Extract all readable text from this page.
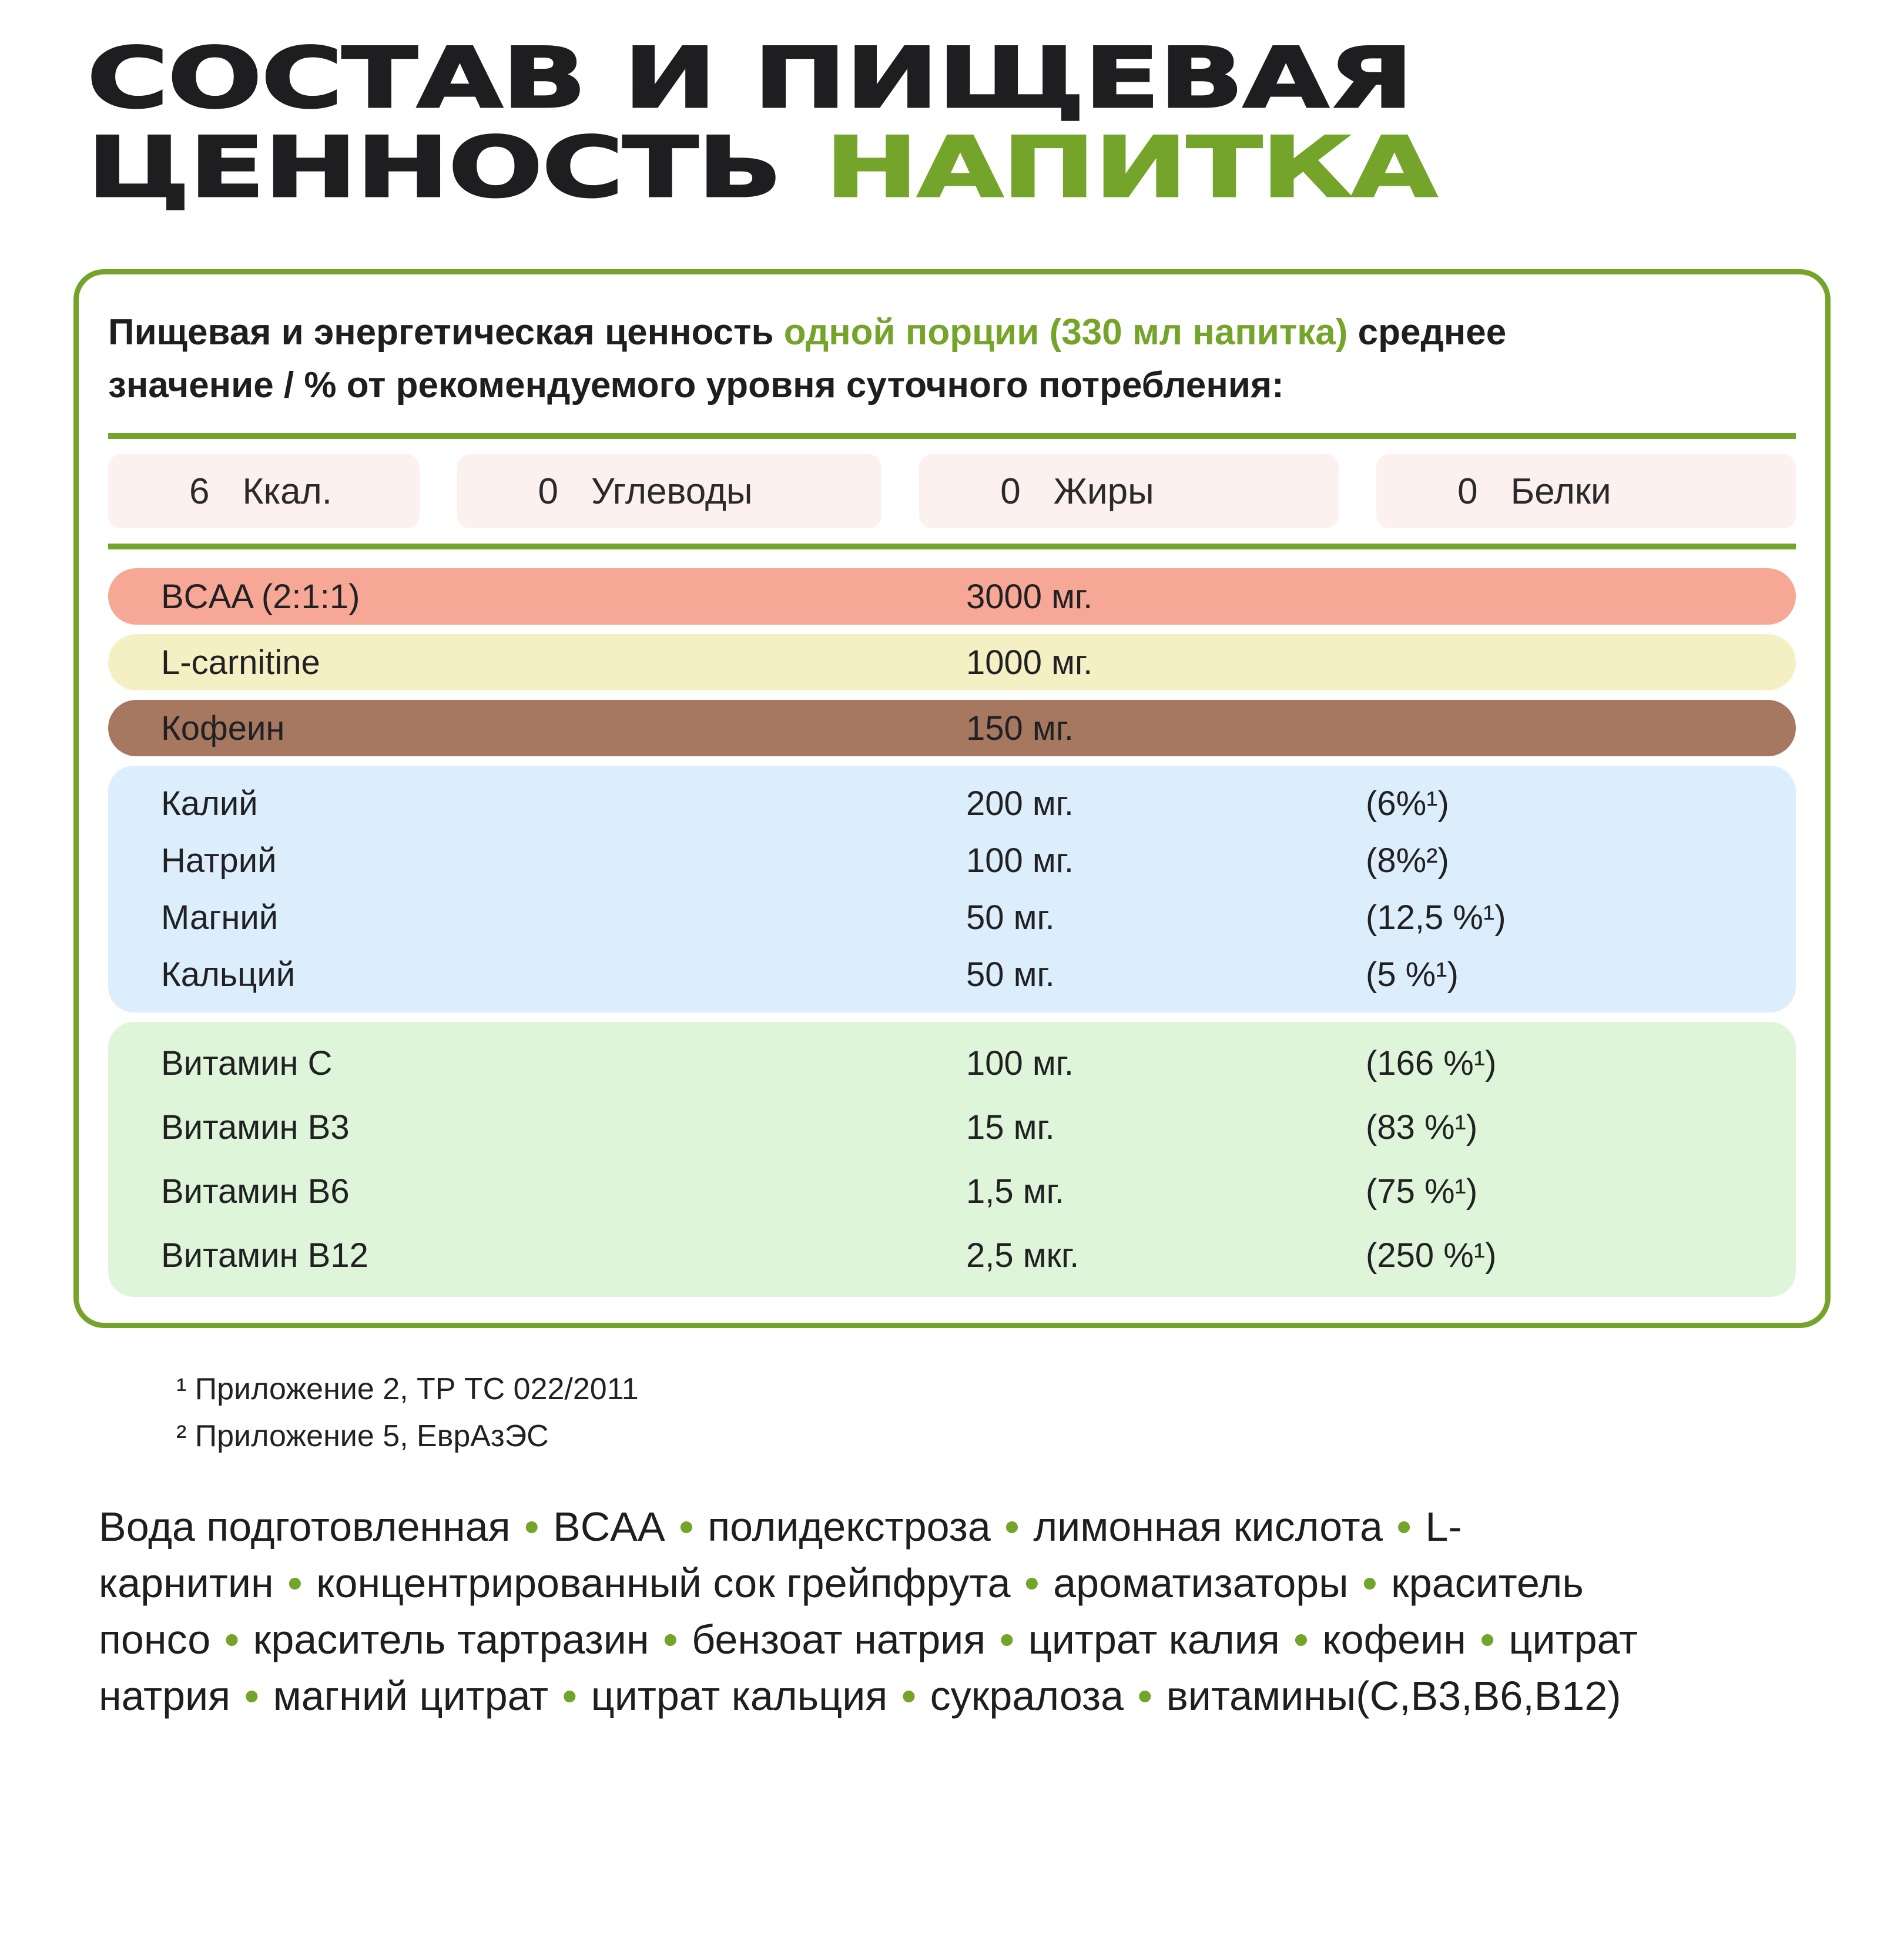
СОСТАВ И ПИЩЕВАЯ
ЦЕННОСТЬ НАПИТКА

Пищевая и энергетическая ценность одной порции (330 мл напитка) среднее
значение / % от рекомендуемого уровня суточного потребления:

6 Ккал.	0 Углеводы	0 Жиры	0 Белки
BCAA (2:1:1)	3000 мг.
L-carnitine	1000 мг.
Кофеин	150 мг.
Калий	200 мг.	(6%¹)
Натрий	100 мг.	(8%²)
Магний	50 мг.	(12,5 %¹)
Кальций	50 мг.	(5 %¹)
Витамин C	100 мг.	(166 %¹)
Витамин B3	15 мг.	(83 %¹)
Витамин B6	1,5 мг.	(75 %¹)
Витамин B12	2,5 мкг.	(250 %¹)
¹ Приложение 2, ТР ТС 022/2011
² Приложение 5, ЕврАзЭС

Вода подготовленная • BCAA • полидекстроза • лимонная кислота • L-карнитин • концентрированный сок грейпфрута • ароматизаторы • краситель понсо • краситель тартразин • бензоат натрия • цитрат калия • кофеин • цитрат натрия • магний цитрат • цитрат кальция • сукралоза • витамины(C,B3,B6,B12)
